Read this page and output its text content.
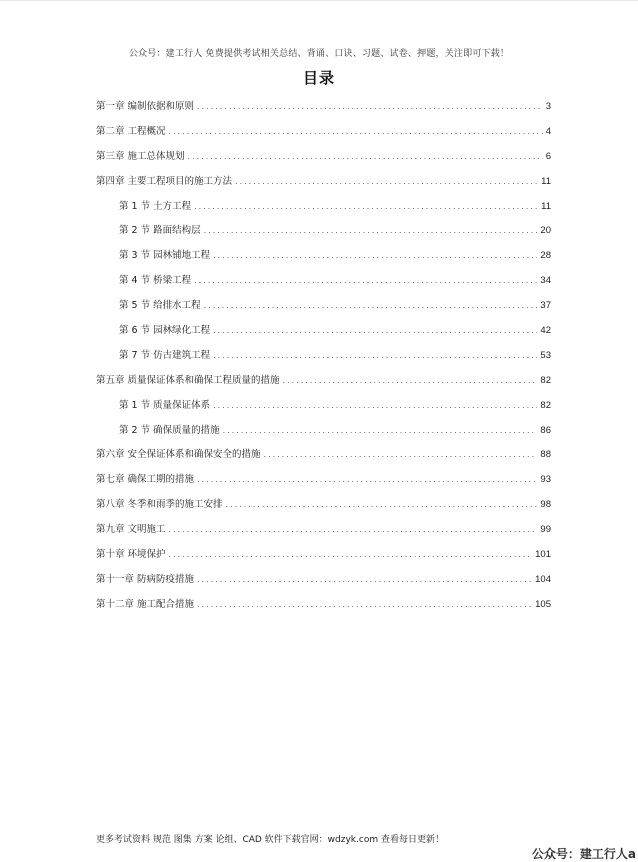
公众号：建工行人 免费提供考试相关总结、背诵、口诀、习题、试卷、押题，关注即可下载！
目录
第一章 编制依据和原则 .....	3
第二章 工程概况 .....	4
第三章 施工总体规划 .....	6
第四章 主要工程项目的施工方法 .....	11
第 1 节 土方工程 .....	11
第 2 节 路面结构层 .....	20
第 3 节 园林铺地工程 .....	28
第 4 节 桥梁工程 .....	34
第 5 节 给排水工程 .....	37
第 6 节 园林绿化工程 .....	42
第 7 节 仿古建筑工程 .....	53
第五章 质量保证体系和确保工程质量的措施 .....	82
第 1 节 质量保证体系 .....	82
第 2 节 确保质量的措施 .....	86
第六章 安全保证体系和确保安全的措施 .....	88
第七章 确保工期的措施 .....	93
第八章 冬季和雨季的施工安排 .....	98
第九章 文明施工 .....	99
第十章 环境保护 .....	101
第十一章 防病防疫措施 .....	104
第十二章 施工配合措施 .....	105
更多考试资料 规范 图集 方案 论组、CAD 软件下载官网：wdzyk.com 查看每日更新！
公众号：建工行人a
